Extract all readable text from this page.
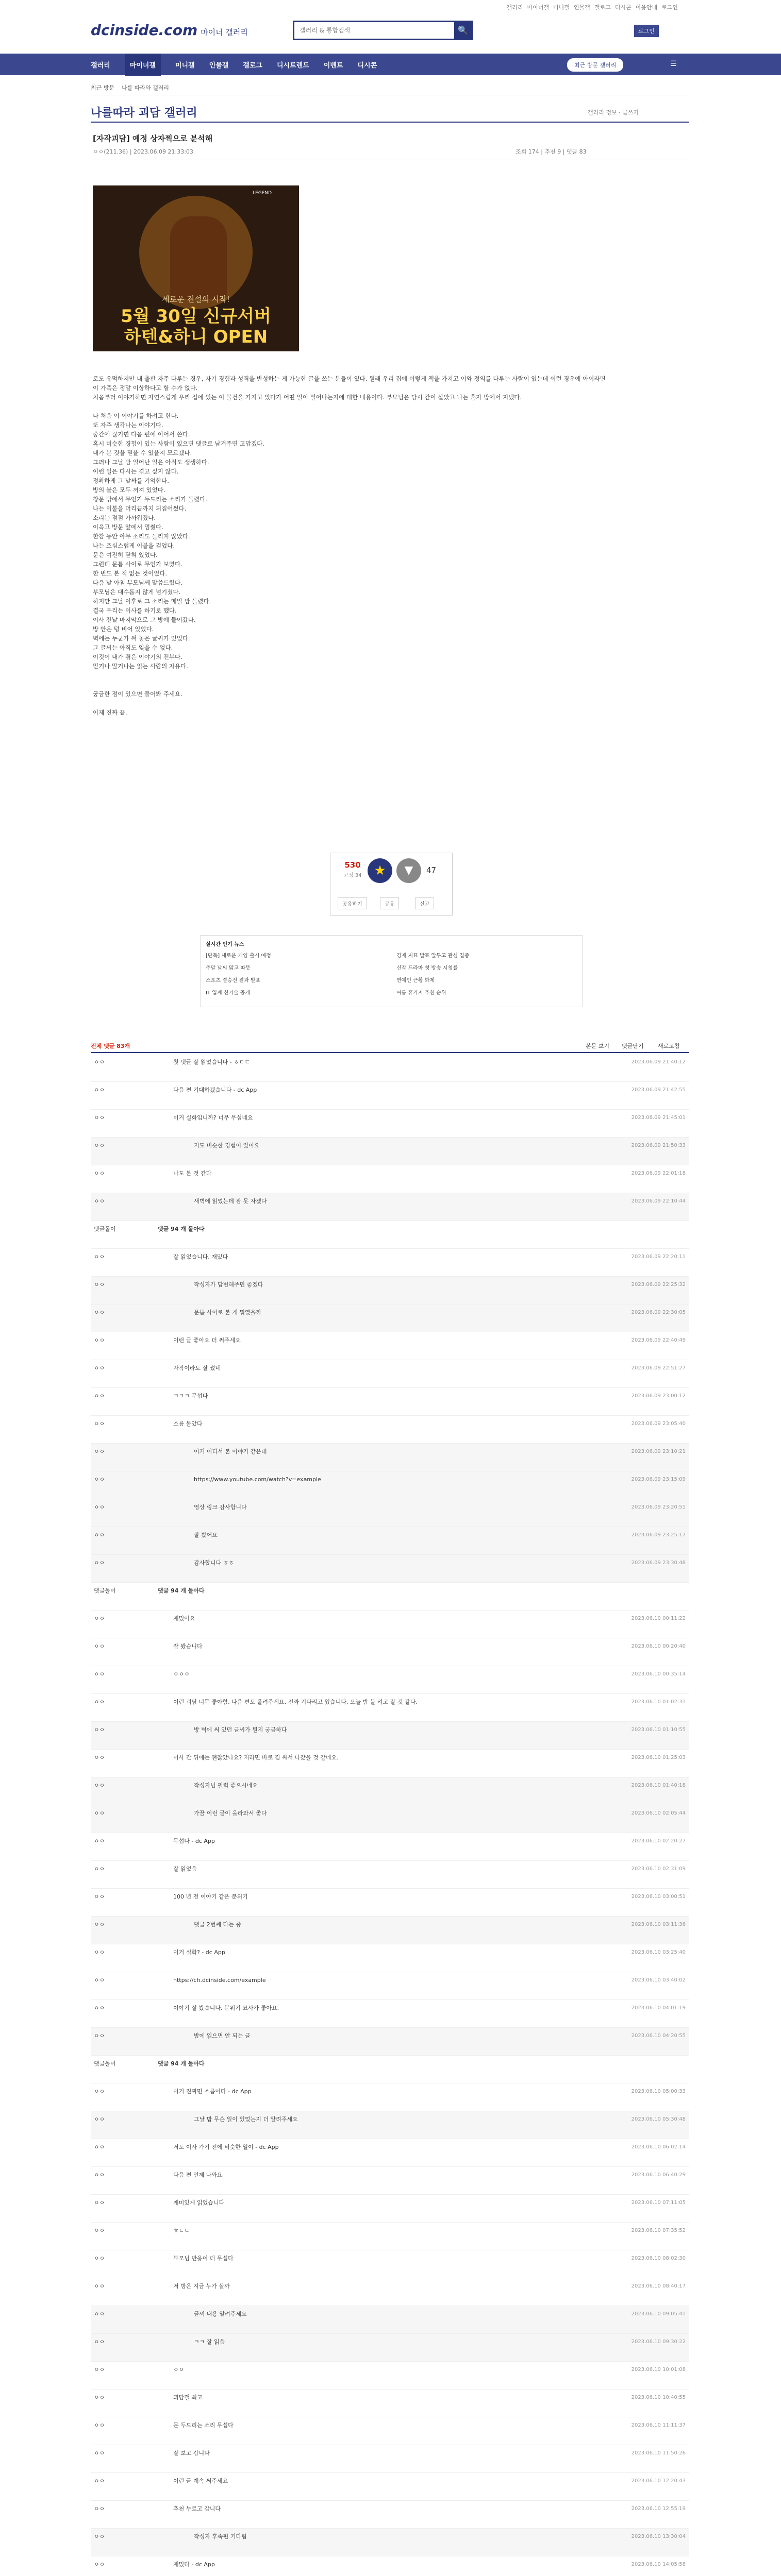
갤러리 마이너갤 미니갤 인물갤 갤로그 디시콘 이용안내 로그인
dcinside.com 마이너 갤러리
갤러리 & 통합검색	🔍	로그인
갤러리	마이너갤	미니갤 인물갤 갤로그 디시트렌드 이벤트 디시콘	최근 방문 갤러리	☰
최근 방문 나를 따라와 갤러리
나를따라 괴담 갤러리	갤러리 정보 · 글쓰기
[자작괴담] 예정 상자찍으로 분석해
ㅇㅇ(211.36) | 2023.06.09 21:33:03	조회 174 | 추천 9 | 댓글 83
LEGEND
세로운 전설의 시작!
5월 30일 신규서버
하텐&하니 OPEN

로도 유먹하지만 내 출판 자주 다루는 경우, 자기 경험과 성격을 반성하는 게 가능한 글을 쓰는 분들이 있다. 원래 우리 집에 이렇게 책을 가지고 이와 정의를 다루는 사람이 있는데 이런 경우에 아이라면 이 가족은 정말 이상하다고 할 수가 없다.

처음부터 이야기하면 자연스럽게 우리 집에 있는 이 물건을 가지고 있다가 어떤 일이 일어나는지에 대한 내용이다. 부모님은 당시 같이 살았고 나는 혼자 방에서 지냈다.

나 처음 이 이야기를 하려고 한다.

또 자주 생각나는 이야기다.

중간에 끊기면 다음 편에 이어서 쓴다.

혹시 비슷한 경험이 있는 사람이 있으면 댓글로 남겨주면 고맙겠다.

내가 본 것을 믿을 수 있을지 모르겠다.

그러나 그날 밤 일어난 일은 아직도 생생하다.

이런 일은 다시는 겪고 싶지 않다.

정확하게 그 날짜를 기억한다.

방의 불은 모두 꺼져 있었다.

창문 밖에서 무언가 두드리는 소리가 들렸다.

나는 이불을 머리끝까지 뒤집어썼다.

소리는 점점 가까워졌다.

이윽고 방문 앞에서 멈췄다.

한참 동안 아무 소리도 들리지 않았다.

나는 조심스럽게 이불을 걷었다.

문은 여전히 닫혀 있었다.

그런데 문틈 사이로 무언가 보였다.

한 번도 본 적 없는 것이었다.

다음 날 아침 부모님께 말씀드렸다.

부모님은 대수롭지 않게 넘기셨다.

하지만 그날 이후로 그 소리는 매일 밤 들렸다.

결국 우리는 이사를 하기로 했다.

이사 전날 마지막으로 그 방에 들어갔다.

방 안은 텅 비어 있었다.

벽에는 누군가 써 놓은 글씨가 있었다.

그 글씨는 아직도 잊을 수 없다.

이것이 내가 겪은 이야기의 전부다.

믿거나 말거나는 읽는 사람의 자유다.

궁금한 점이 있으면 물어봐 주세요.

이제 진짜 끝.

530
고정 34 ★	▼	47
공유하기	공유	신고
실시간 인기 뉴스
[단독] 새로운 게임 출시 예정	경제 지표 발표 앞두고 관심 집중
주말 날씨 맑고 따뜻	신작 드라마 첫 방송 시청률
스포츠 결승전 결과 발표	연예인 근황 화제
IT 업계 신기술 공개	여름 휴가지 추천 순위
전체 댓글 83개	본문 보기 댓글닫기 새로고침
ㅇㅇ	첫 댓글 잘 읽었습니다 - ㅎㄷㄷ	2023.06.09 21:40:12
ㅇㅇ	다음 편 기대하겠습니다 - dc App	2023.06.09 21:42:55
ㅇㅇ	이거 실화입니까? 너무 무섭네요	2023.06.09 21:45:01
ㅇㅇ	저도 비슷한 경험이 있어요	2023.06.09 21:50:33
ㅇㅇ	나도 본 것 같다	2023.06.09 22:01:18
ㅇㅇ	새벽에 읽었는데 잠 못 자겠다	2023.06.09 22:10:44
댓글돌이	댓글 94 개 돌아다
ㅇㅇ	잘 읽었습니다. 재밌다	2023.06.09 22:20:11
ㅇㅇ	작성자가 답변해주면 좋겠다	2023.06.09 22:25:32
ㅇㅇ	문틈 사이로 본 게 뭐였을까	2023.06.09 22:30:05
ㅇㅇ	이런 글 좋아요 더 써주세요	2023.06.09 22:40:49
ㅇㅇ	자작이라도 잘 썼네	2023.06.09 22:51:27
ㅇㅇ	ㅋㅋㅋ 무섭다	2023.06.09 23:00:12
ㅇㅇ	소름 돋았다	2023.06.09 23:05:40
ㅇㅇ	이거 어디서 본 이야기 같은데	2023.06.09 23:10:21
ㅇㅇ	https://www.youtube.com/watch?v=example	2023.06.09 23:15:09
ㅇㅇ	영상 링크 감사합니다	2023.06.09 23:20:51
ㅇㅇ	잘 봤어요	2023.06.09 23:25:17
ㅇㅇ	감사합니다 ㅎㅎ	2023.06.09 23:30:48
댓글돌이	댓글 94 개 돌아다
ㅇㅇ	재밌어요	2023.06.10 00:11:22
ㅇㅇ	잘 봤습니다	2023.06.10 00:20:40
ㅇㅇ	ㅇㅇㅇ	2023.06.10 00:35:14
ㅇㅇ	이런 괴담 너무 좋아함. 다음 편도 올려주세요. 진짜 기다리고 있습니다. 오늘 밤 불 켜고 잘 것 같다.	2023.06.10 01:02:31
ㅇㅇ	방 벽에 써 있던 글씨가 뭔지 궁금하다	2023.06.10 01:10:55
ㅇㅇ	이사 간 뒤에는 괜찮았나요? 저라면 바로 짐 싸서 나갔을 것 같네요.	2023.06.10 01:25:03
ㅇㅇ	작성자님 필력 좋으시네요	2023.06.10 01:40:18
ㅇㅇ	가끔 이런 글이 올라와서 좋다	2023.06.10 02:05:44
ㅇㅇ	무섭다 - dc App	2023.06.10 02:20:27
ㅇㅇ	잘 읽었음	2023.06.10 02:31:09
ㅇㅇ	100 년 전 이야기 같은 분위기	2023.06.10 03:00:51
ㅇㅇ	댓글 2번째 다는 중	2023.06.10 03:11:36
ㅇㅇ	이거 실화? - dc App	2023.06.10 03:25:40
ㅇㅇ	https://ch.dcinside.com/example	2023.06.10 03:40:02
ㅇㅇ	이야기 잘 봤습니다. 분위기 묘사가 좋아요.	2023.06.10 04:01:19
ㅇㅇ	밤에 읽으면 안 되는 글	2023.06.10 04:20:55
댓글돌이	댓글 94 개 돌아다
ㅇㅇ	이거 진짜면 소름이다 - dc App	2023.06.10 05:00:33
ㅇㅇ	그날 밤 무슨 일이 있었는지 더 알려주세요	2023.06.10 05:30:48
ㅇㅇ	저도 이사 가기 전에 비슷한 일이 - dc App	2023.06.10 06:02:14
ㅇㅇ	다음 편 언제 나와요	2023.06.10 06:40:29
ㅇㅇ	재미있게 읽었습니다	2023.06.10 07:11:05
ㅇㅇ	ㅎㄷㄷ	2023.06.10 07:35:52
ㅇㅇ	부모님 반응이 더 무섭다	2023.06.10 08:02:30
ㅇㅇ	저 방은 지금 누가 살까	2023.06.10 08:40:17
ㅇㅇ	글씨 내용 알려주세요	2023.06.10 09:05:41
ㅇㅇ	ㅋㅋ 잘 읽음	2023.06.10 09:30:22
ㅇㅇ	ㅇㅇ	2023.06.10 10:01:08
ㅇㅇ	괴담갤 최고	2023.06.10 10:40:55
ㅇㅇ	문 두드리는 소리 무섭다	2023.06.10 11:11:37
ㅇㅇ	잘 보고 갑니다	2023.06.10 11:50:26
ㅇㅇ	이런 글 계속 써주세요	2023.06.10 12:20:43
ㅇㅇ	추천 누르고 갑니다	2023.06.10 12:55:19
ㅇㅇ	작성자 후속편 기다림	2023.06.10 13:30:04
ㅇㅇ	재밌다 - dc App	2023.06.10 14:05:58
